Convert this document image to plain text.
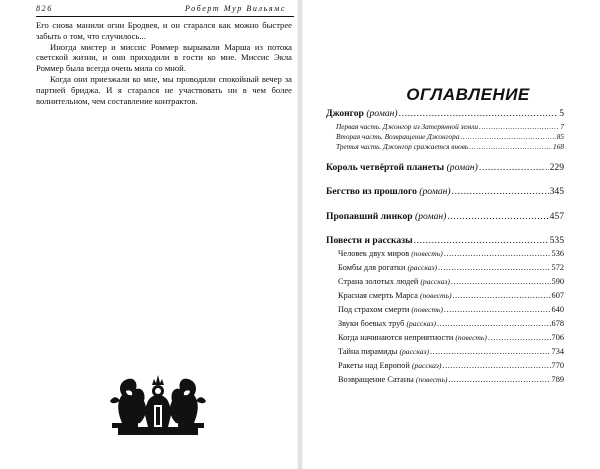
826	Роберт Мур Вильямс

Его снова манили огни Бродвея, и он старался как можно быстрее забыть о том, что случилось...

Иногда мистер и миссис Роммер вырывали Марша из потока светской жизни, и они приходили в гости ко мне. Миссис Экла Роммер была всегда очень мила со мной.

Когда они приезжали ко мне, мы проводили спокойный вечер за партией бриджа. И я старался не участвовать ни в чем более волнительном, чем составление контрактов.	ОГЛАВЛЕНИЕ
Джонгор (роман) .....	5
Первая часть. Джонгор из Затерянной земли .....	7
Вторая часть. Возвращение Джонгора .....	85
Третья часть. Джонгор сражается вновь .....	168
Король четвёртой планеты (роман) .....	229
Бегство из прошлого (роман) .....	345
Пропавший линкор (роман) .....	457
Повести и рассказы .....	535
Человек двух миров (повесть) .....	536
Бомбы для рогатки (рассказ) .....	572
Страна золотых людей (рассказ) .....	590
Красная смерть Марса (повесть) .....	607
Под страхом смерти (повесть) .....	640
Звуки боевых труб (рассказ) .....	678
Когда начинаются неприятности (повесть) .....	706
Тайна пирамиды (рассказ) .....	734
Ракеты над Европой (рассказ) .....	770
Возвращение Сатаны (повесть) .....	789
